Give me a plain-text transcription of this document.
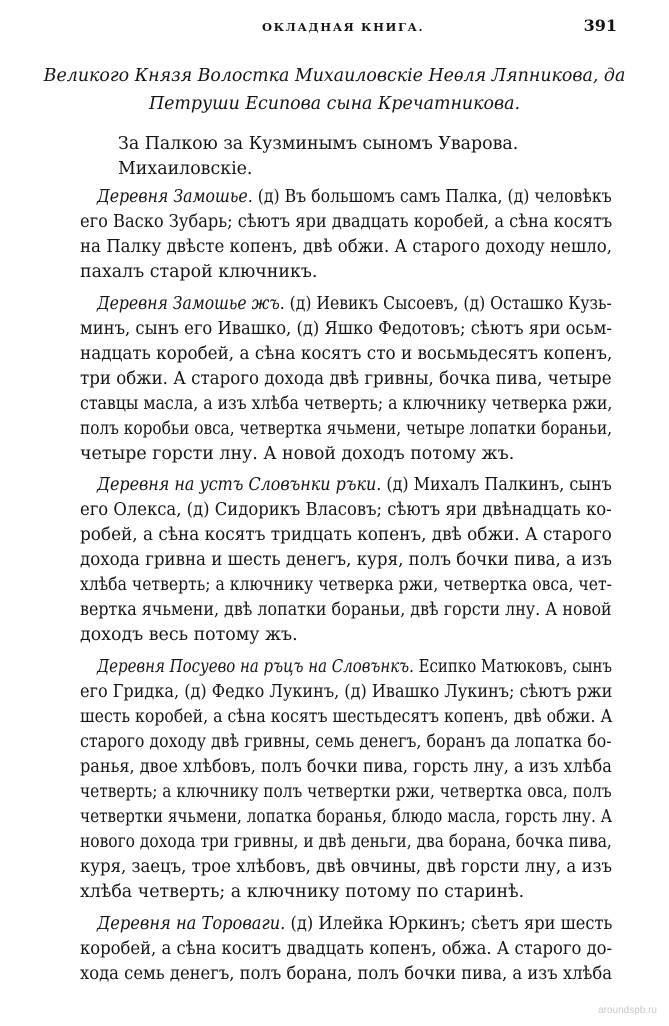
ОКЛАДНАЯ КНИГА.	391
Великого Князя Волостка Михаиловскіе Неѳля Ляпникова, да
Петруши Есипова сына Кречатникова.
За Палкою за Кузминымъ сыномъ Уварова.
Михаиловскіе.
Деревня Замошье. (д) Въ большомъ самъ Палка, (д) человѣкъ
его Васко Зубарь; сѣютъ яри двадцать коробей, а сѣна косятъ
на Палку двѣсте копенъ, двѣ обжи. А старого доходу нешло,
пахалъ старой ключникъ.
Деревня Замошье жъ. (д) Иевикъ Сысоевъ, (д) Осташко Кузь-
минъ, сынъ его Ивашко, (д) Яшко Федотовъ; сѣютъ яри осьм-
надцать коробей, а сѣна косятъ сто и восьмьдесятъ копенъ,
три обжи. А старого дохода двѣ гривны, бочка пива, четыре
ставцы масла, а изъ хлѣба четверть; а ключнику четверка ржи,
полъ коробьи овса, четвертка ячьмени, четыре лопатки бораньи,
четыре горсти лну. А новой доходъ потому жъ.
Деревня на устъ Словънки ръки. (д) Михалъ Палкинъ, сынъ
его Олекса, (д) Сидорикъ Власовъ; сѣютъ яри двѣнадцать ко-
робей, а сѣна косятъ тридцать копенъ, двѣ обжи. А старого
дохода гривна и шесть денегъ, куря, полъ бочки пива, а изъ
хлѣба четверть; а ключнику четверка ржи, четвертка овса, чет-
вертка ячьмени, двѣ лопатки бораньи, двѣ горсти лну. А новой
доходъ весь потому жъ.
Деревня Посуево на ръцъ на Словънкъ. Есипко Матюковъ, сынъ
его Гридка, (д) Федко Лукинъ, (д) Ивашко Лукинъ; сѣютъ ржи
шесть коробей, а сѣна косятъ шестьдесятъ копенъ, двѣ обжи. А
старого доходу двѣ гривны, семь денегъ, боранъ да лопатка бо-
ранья, двое хлѣбовъ, полъ бочки пива, горсть лну, а изъ хлѣба
четверть; а ключнику полъ четвертки ржи, четвертка овса, полъ
четвертки ячьмени, лопатка боранья, блюдо масла, горсть лну. А
нового дохода три гривны, и двѣ деньги, два борана, бочка пива,
куря, заецъ, трое хлѣбовъ, двѣ овчины, двѣ горсти лну, а изъ
хлѣба четверть; а ключнику потому по старинѣ.
Деревня на Тороваги. (д) Илейка Юркинъ; сѣетъ яри шесть
коробей, а сѣна коситъ двадцать копенъ, обжа. А старого до-
хода семь денегъ, полъ борана, полъ бочки пива, а изъ хлѣба
aroundspb.ru
